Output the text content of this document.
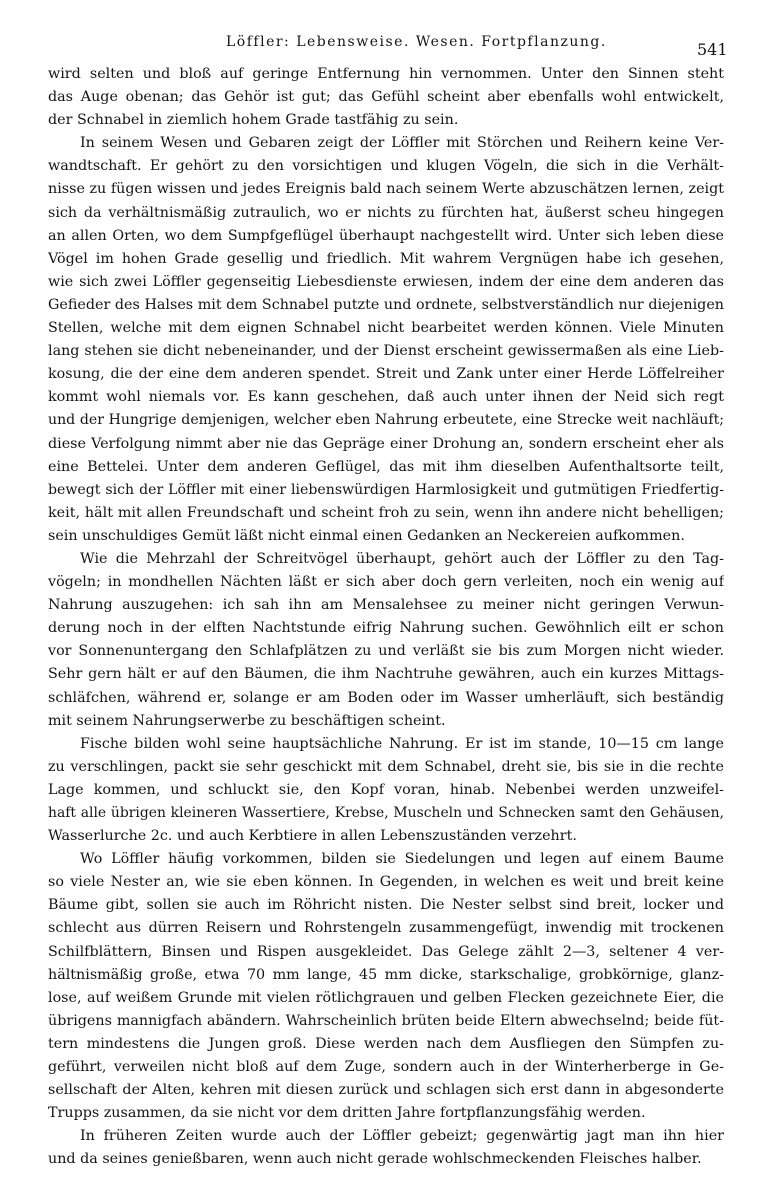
Löffler: Lebensweise. Wesen. Fortpflanzung.	541
wird selten und bloß auf geringe Entfernung hin vernommen. Unter den Sinnen steht
das Auge obenan; das Gehör ist gut; das Gefühl scheint aber ebenfalls wohl entwickelt,
der Schnabel in ziemlich hohem Grade tastfähig zu sein.
In seinem Wesen und Gebaren zeigt der Löffler mit Störchen und Reihern keine Ver-
wandtschaft. Er gehört zu den vorsichtigen und klugen Vögeln, die sich in die Verhält-
nisse zu fügen wissen und jedes Ereignis bald nach seinem Werte abzuschätzen lernen, zeigt
sich da verhältnismäßig zutraulich, wo er nichts zu fürchten hat, äußerst scheu hingegen
an allen Orten, wo dem Sumpfgeflügel überhaupt nachgestellt wird. Unter sich leben diese
Vögel im hohen Grade gesellig und friedlich. Mit wahrem Vergnügen habe ich gesehen,
wie sich zwei Löffler gegenseitig Liebesdienste erwiesen, indem der eine dem anderen das
Gefieder des Halses mit dem Schnabel putzte und ordnete, selbstverständlich nur diejenigen
Stellen, welche mit dem eignen Schnabel nicht bearbeitet werden können. Viele Minuten
lang stehen sie dicht nebeneinander, und der Dienst erscheint gewissermaßen als eine Lieb-
kosung, die der eine dem anderen spendet. Streit und Zank unter einer Herde Löffelreiher
kommt wohl niemals vor. Es kann geschehen, daß auch unter ihnen der Neid sich regt
und der Hungrige demjenigen, welcher eben Nahrung erbeutete, eine Strecke weit nachläuft;
diese Verfolgung nimmt aber nie das Gepräge einer Drohung an, sondern erscheint eher als
eine Bettelei. Unter dem anderen Geflügel, das mit ihm dieselben Aufenthaltsorte teilt,
bewegt sich der Löffler mit einer liebenswürdigen Harmlosigkeit und gutmütigen Friedfertig-
keit, hält mit allen Freundschaft und scheint froh zu sein, wenn ihn andere nicht behelligen;
sein unschuldiges Gemüt läßt nicht einmal einen Gedanken an Neckereien aufkommen.
Wie die Mehrzahl der Schreitvögel überhaupt, gehört auch der Löffler zu den Tag-
vögeln; in mondhellen Nächten läßt er sich aber doch gern verleiten, noch ein wenig auf
Nahrung auszugehen: ich sah ihn am Mensalehsee zu meiner nicht geringen Verwun-
derung noch in der elften Nachtstunde eifrig Nahrung suchen. Gewöhnlich eilt er schon
vor Sonnenuntergang den Schlafplätzen zu und verläßt sie bis zum Morgen nicht wieder.
Sehr gern hält er auf den Bäumen, die ihm Nachtruhe gewähren, auch ein kurzes Mittags-
schläfchen, während er, solange er am Boden oder im Wasser umherläuft, sich beständig
mit seinem Nahrungserwerbe zu beschäftigen scheint.
Fische bilden wohl seine hauptsächliche Nahrung. Er ist im stande, 10—15 cm lange
zu verschlingen, packt sie sehr geschickt mit dem Schnabel, dreht sie, bis sie in die rechte
Lage kommen, und schluckt sie, den Kopf voran, hinab. Nebenbei werden unzweifel-
haft alle übrigen kleineren Wassertiere, Krebse, Muscheln und Schnecken samt den Gehäusen,
Wasserlurche 2c. und auch Kerbtiere in allen Lebenszuständen verzehrt.
Wo Löffler häufig vorkommen, bilden sie Siedelungen und legen auf einem Baume
so viele Nester an, wie sie eben können. In Gegenden, in welchen es weit und breit keine
Bäume gibt, sollen sie auch im Röhricht nisten. Die Nester selbst sind breit, locker und
schlecht aus dürren Reisern und Rohrstengeln zusammengefügt, inwendig mit trockenen
Schilfblättern, Binsen und Rispen ausgekleidet. Das Gelege zählt 2—3, seltener 4 ver-
hältnismäßig große, etwa 70 mm lange, 45 mm dicke, starkschalige, grobkörnige, glanz-
lose, auf weißem Grunde mit vielen rötlichgrauen und gelben Flecken gezeichnete Eier, die
übrigens mannigfach abändern. Wahrscheinlich brüten beide Eltern abwechselnd; beide füt-
tern mindestens die Jungen groß. Diese werden nach dem Ausfliegen den Sümpfen zu-
geführt, verweilen nicht bloß auf dem Zuge, sondern auch in der Winterherberge in Ge-
sellschaft der Alten, kehren mit diesen zurück und schlagen sich erst dann in abgesonderte
Trupps zusammen, da sie nicht vor dem dritten Jahre fortpflanzungsfähig werden.
In früheren Zeiten wurde auch der Löffler gebeizt; gegenwärtig jagt man ihn hier
und da seines genießbaren, wenn auch nicht gerade wohlschmeckenden Fleisches halber.
